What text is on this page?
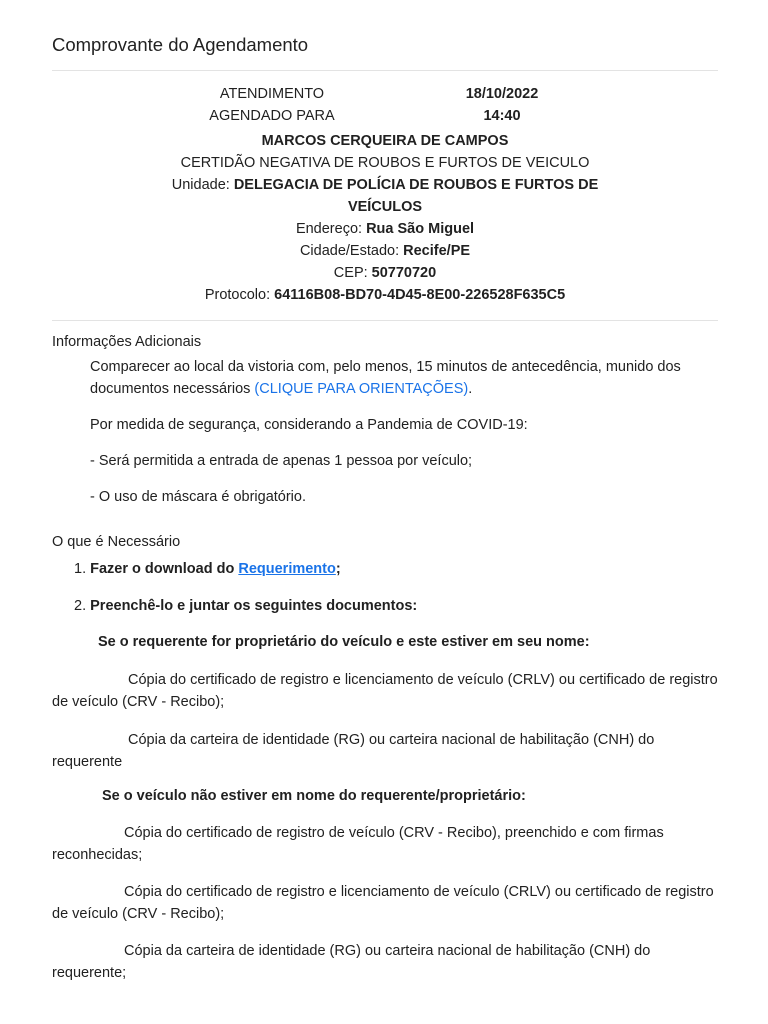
Comprovante do Agendamento
ATENDIMENTO	18/10/2022
AGENDADO PARA	14:40
MARCOS CERQUEIRA DE CAMPOS
CERTIDÃO NEGATIVA DE ROUBOS E FURTOS DE VEICULO
Unidade: DELEGACIA DE POLÍCIA DE ROUBOS E FURTOS DE VEÍCULOS
Endereço: Rua São Miguel
Cidade/Estado: Recife/PE
CEP: 50770720
Protocolo: 64116B08-BD70-4D45-8E00-226528F635C5
Informações Adicionais
Comparecer ao local da vistoria com, pelo menos, 15 minutos de antecedência, munido dos documentos necessários (CLIQUE PARA ORIENTAÇÕES).
Por medida de segurança, considerando a Pandemia de COVID-19:
- Será permitida a entrada de apenas 1 pessoa por veículo;
- O uso de máscara é obrigatório.
O que é Necessário
1. Fazer o download do Requerimento;
2. Preenchê-lo e juntar os seguintes documentos:
Se o requerente for proprietário do veículo e este estiver em seu nome:
Cópia do certificado de registro e licenciamento de veículo (CRLV) ou certificado de registro de veículo (CRV - Recibo);
Cópia da carteira de identidade (RG) ou carteira nacional de habilitação (CNH) do requerente
Se o veículo não estiver em nome do requerente/proprietário:
Cópia do certificado de registro de veículo (CRV - Recibo), preenchido e com firmas reconhecidas;
Cópia do certificado de registro e licenciamento de veículo (CRLV) ou certificado de registro de veículo (CRV - Recibo);
Cópia da carteira de identidade (RG) ou carteira nacional de habilitação (CNH) do requerente;
